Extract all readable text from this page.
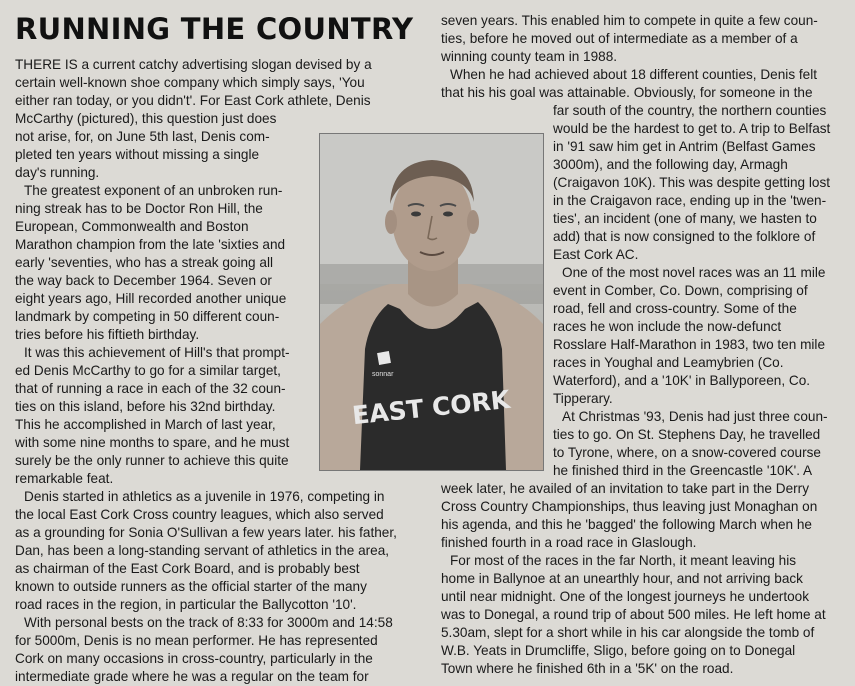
RUNNING THE COUNTRY
sonnar
EAST CORK
THERE IS a current catchy advertising slogan devised by a
certain well-known shoe company which simply says, 'You
either ran today, or you didn't'. For East Cork athlete, Denis
McCarthy (pictured), this question just does
not arise, for, on June 5th last, Denis com-
pleted ten years without missing a single
day's running.
The greatest exponent of an unbroken run-
ning streak has to be Doctor Ron Hill, the
European, Commonwealth and Boston
Marathon champion from the late 'sixties and
early 'seventies, who has a streak going all
the way back to December 1964. Seven or
eight years ago, Hill recorded another unique
landmark by competing in 50 different coun-
tries before his fiftieth birthday.
It was this achievement of Hill's that prompt-
ed Denis McCarthy to go for a similar target,
that of running a race in each of the 32 coun-
ties on this island, before his 32nd birthday.
This he accomplished in March of last year,
with some nine months to spare, and he must
surely be the only runner to achieve this quite
remarkable feat.
Denis started in athletics as a juvenile in 1976, competing in
the local East Cork Cross country leagues, which also served
as a grounding for Sonia O'Sullivan a few years later. his father,
Dan, has been a long-standing servant of athletics in the area,
as chairman of the East Cork Board, and is probably best
known to outside runners as the official starter of the many
road races in the region, in particular the Ballycotton '10'.
With personal bests on the track of 8:33 for 3000m and 14:58
for 5000m, Denis is no mean performer. He has represented
Cork on many occasions in cross-country, particularly in the
intermediate grade where he was a regular on the team for
seven years. This enabled him to compete in quite a few coun-
ties, before he moved out of intermediate as a member of a
winning county team in 1988.
When he had achieved about 18 different counties, Denis felt
that his his goal was attainable. Obviously, for someone in the
far south of the country, the northern counties
would be the hardest to get to. A trip to Belfast
in '91 saw him get in Antrim (Belfast Games
3000m), and the following day, Armagh
(Craigavon 10K). This was despite getting lost
in the Craigavon race, ending up in the 'twen-
ties', an incident (one of many, we hasten to
add) that is now consigned to the folklore of
East Cork AC.
One of the most novel races was an 11 mile
event in Comber, Co. Down, comprising of
road, fell and cross-country. Some of the
races he won include the now-defunct
Rosslare Half-Marathon in 1983, two ten mile
races in Youghal and Leamybrien (Co.
Waterford), and a '10K' in Ballyporeen, Co.
Tipperary.
At Christmas '93, Denis had just three coun-
ties to go. On St. Stephens Day, he travelled
to Tyrone, where, on a snow-covered course
he finished third in the Greencastle '10K'. A
week later, he availed of an invitation to take part in the Derry
Cross Country Championships, thus leaving just Monaghan on
his agenda, and this he 'bagged' the following March when he
finished fourth in a road race in Glaslough.
For most of the races in the far North, it meant leaving his
home in Ballynoe at an unearthly hour, and not arriving back
until near midnight. One of the longest journeys he undertook
was to Donegal, a round trip of about 500 miles. He left home at
5.30am, slept for a short while in his car alongside the tomb of
W.B. Yeats in Drumcliffe, Sligo, before going on to Donegal
Town where he finished 6th in a '5K' on the road.
